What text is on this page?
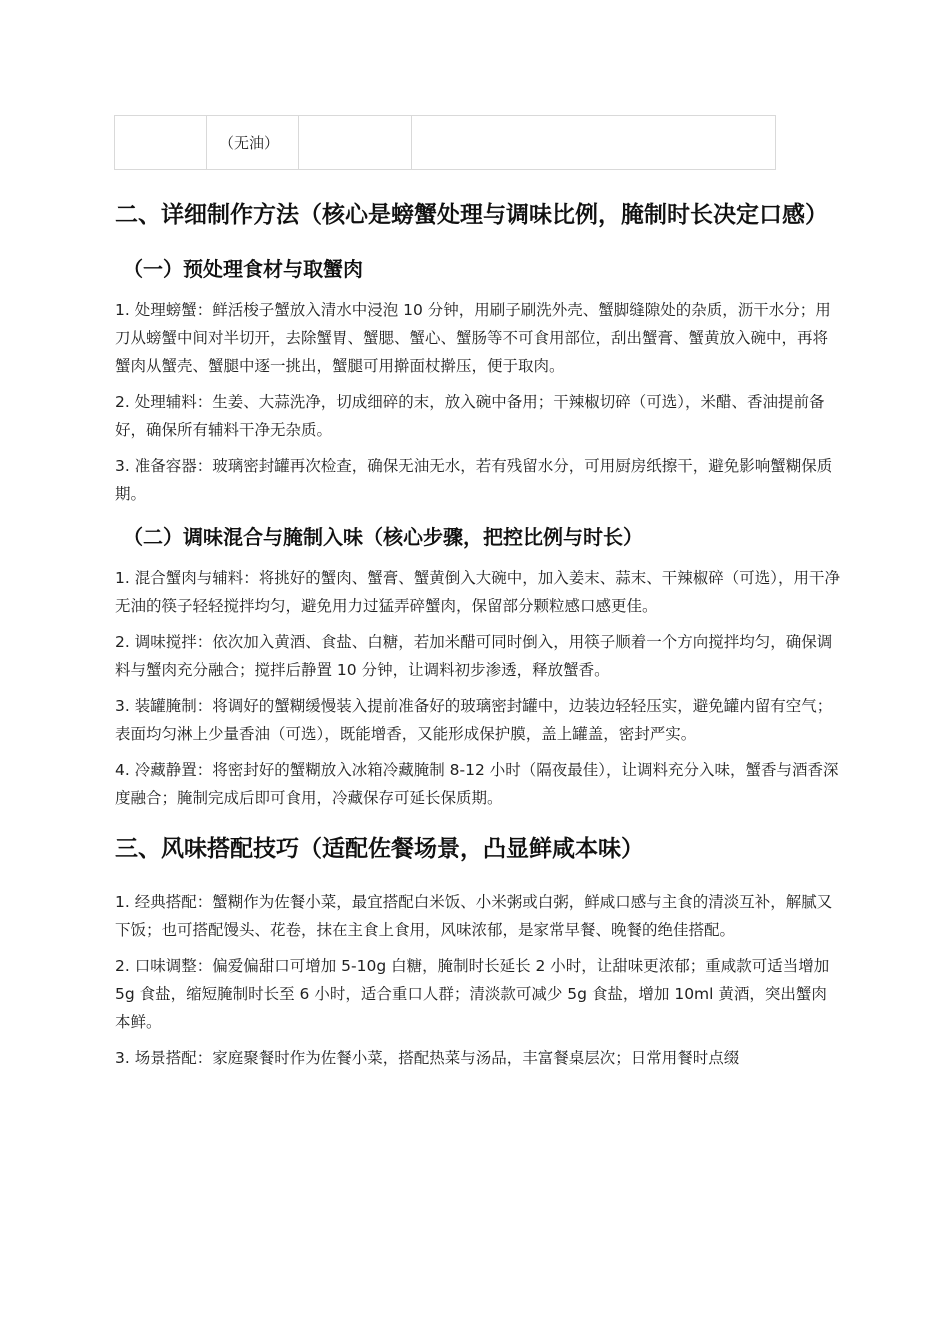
	（无油）		
二、详细制作方法（核心是螃蟹处理与调味比例，腌制时长决定口感）
（一）预处理食材与取蟹肉

1. 处理螃蟹：鲜活梭子蟹放入清水中浸泡 10 分钟，用刷子刷洗外壳、蟹脚缝隙处的杂质，沥干水分；用刀从螃蟹中间对半切开，去除蟹胃、蟹腮、蟹心、蟹肠等不可食用部位，刮出蟹膏、蟹黄放入碗中，再将蟹肉从蟹壳、蟹腿中逐一挑出，蟹腿可用擀面杖擀压，便于取肉。

2. 处理辅料：生姜、大蒜洗净，切成细碎的末，放入碗中备用；干辣椒切碎（可选），米醋、香油提前备好，确保所有辅料干净无杂质。

3. 准备容器：玻璃密封罐再次检查，确保无油无水，若有残留水分，可用厨房纸擦干，避免影响蟹糊保质期。

（二）调味混合与腌制入味（核心步骤，把控比例与时长）

1. 混合蟹肉与辅料：将挑好的蟹肉、蟹膏、蟹黄倒入大碗中，加入姜末、蒜末、干辣椒碎（可选），用干净无油的筷子轻轻搅拌均匀，避免用力过猛弄碎蟹肉，保留部分颗粒感口感更佳。

2. 调味搅拌：依次加入黄酒、食盐、白糖，若加米醋可同时倒入，用筷子顺着一个方向搅拌均匀，确保调料与蟹肉充分融合；搅拌后静置 10 分钟，让调料初步渗透，释放蟹香。

3. 装罐腌制：将调好的蟹糊缓慢装入提前准备好的玻璃密封罐中，边装边轻轻压实，避免罐内留有空气；表面均匀淋上少量香油（可选），既能增香，又能形成保护膜，盖上罐盖，密封严实。

4. 冷藏静置：将密封好的蟹糊放入冰箱冷藏腌制 8-12 小时（隔夜最佳），让调料充分入味，蟹香与酒香深度融合；腌制完成后即可食用，冷藏保存可延长保质期。

三、风味搭配技巧（适配佐餐场景，凸显鲜咸本味）

1. 经典搭配：蟹糊作为佐餐小菜，最宜搭配白米饭、小米粥或白粥，鲜咸口感与主食的清淡互补，解腻又下饭；也可搭配馒头、花卷，抹在主食上食用，风味浓郁，是家常早餐、晚餐的绝佳搭配。

2. 口味调整：偏爱偏甜口可增加 5-10g 白糖，腌制时长延长 2 小时，让甜味更浓郁；重咸款可适当增加 5g 食盐，缩短腌制时长至 6 小时，适合重口人群；清淡款可减少 5g 食盐，增加 10ml 黄酒，突出蟹肉本鲜。

3. 场景搭配：家庭聚餐时作为佐餐小菜，搭配热菜与汤品，丰富餐桌层次；日常用餐时点缀
